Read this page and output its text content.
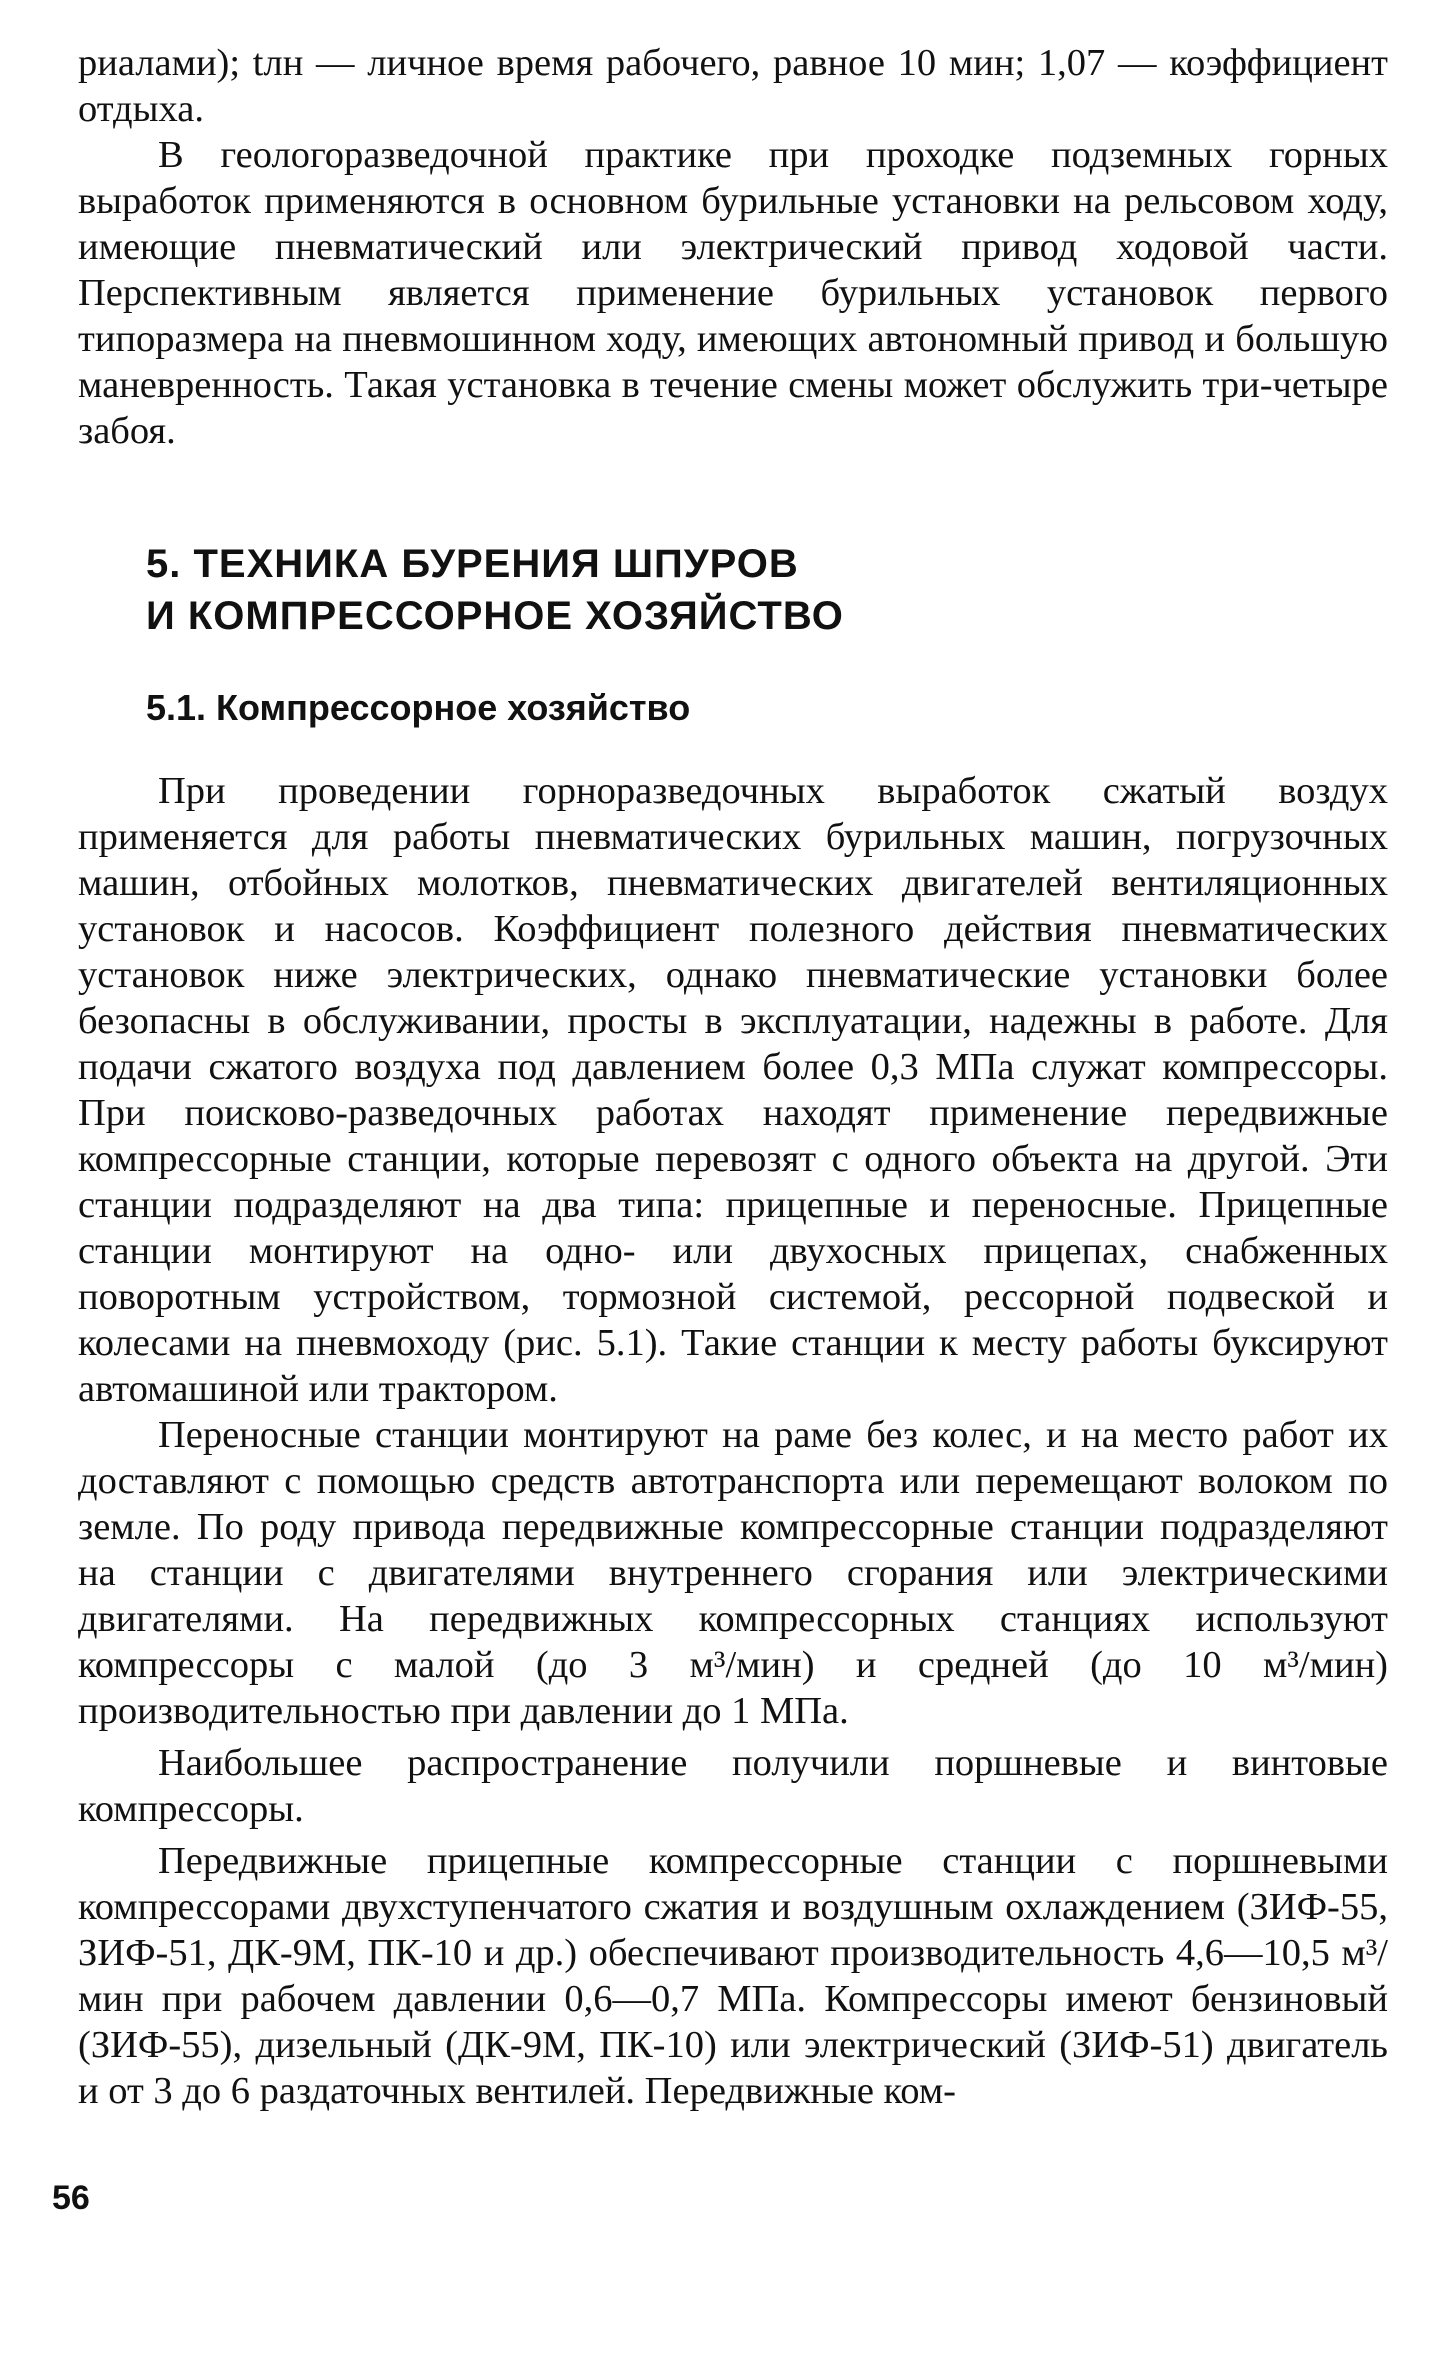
риалами); tлн — личное время рабочего, равное 10 мин; 1,07 — коэффициент отдыха.

В геологоразведочной практике при проходке подземных горных выработок применяются в основном бурильные установки на рельсовом ходу, имеющие пневматический или электрический привод ходовой части. Перспективным является применение бурильных установок первого типоразмера на пневмошинном ходу, имеющих автономный привод и большую маневренность. Такая установка в течение смены может обслужить три-четыре забоя.

5. ТЕХНИКА БУРЕНИЯ ШПУРОВ
И КОМПРЕССОРНОЕ ХОЗЯЙСТВО
5.1. Компрессорное хозяйство

При проведении горноразведочных выработок сжатый воздух применяется для работы пневматических бурильных машин, погрузочных машин, отбойных молотков, пневматических двигателей вентиляционных установок и насосов. Коэффициент полезного действия пневматических установок ниже электрических, однако пневматические установки более безопасны в обслуживании, просты в эксплуатации, надежны в работе. Для подачи сжатого воздуха под давлением более 0,3 МПа служат компрессоры. При поисково-разведочных работах находят применение передвижные компрессорные станции, которые перевозят с одного объекта на другой. Эти станции подразделяют на два типа: прицепные и переносные. Прицепные станции монтируют на одно- или двухосных прицепах, снабженных поворотным устройством, тормозной системой, рессорной подвеской и колесами на пневмоходу (рис. 5.1). Такие станции к месту работы буксируют автомашиной или трактором.

Переносные станции монтируют на раме без колес, и на место работ их доставляют с помощью средств автотранспорта или перемещают волоком по земле. По роду привода передвижные компрессорные станции подразделяют на станции с двигателями внутреннего сгорания или электрическими двигателями. На передвижных компрессорных станциях используют компрессоры с малой (до 3 м³/мин) и средней (до 10 м³/мин) производительностью при давлении до 1 МПа.

Наибольшее распространение получили поршневые и винтовые компрессоры.

Передвижные прицепные компрессорные станции с поршневыми компрессорами двухступенчатого сжатия и воздушным охлаждением (ЗИФ-55, ЗИФ-51, ДК-9М, ПК-10 и др.) обеспечивают производительность 4,6—10,5 м³/мин при рабочем давлении 0,6—0,7 МПа. Компрессоры имеют бензиновый (ЗИФ-55), дизельный (ДК-9М, ПК-10) или электрический (ЗИФ-51) двигатель и от 3 до 6 раздаточных вентилей. Передвижные ком-

56
